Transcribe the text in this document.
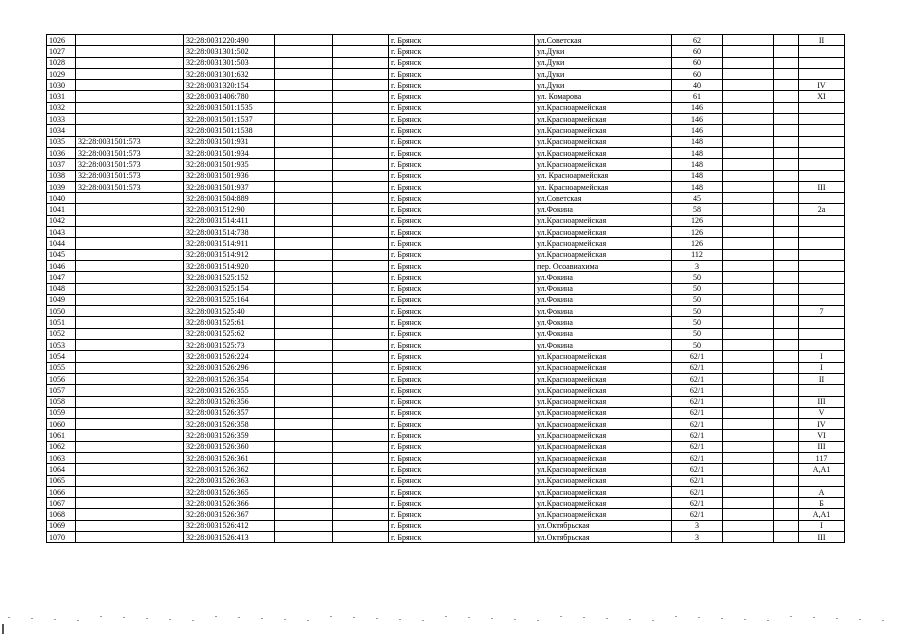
1026		32:28:0031220:490			г. Брянск	ул.Советская	62			II
1027		32:28:0031301:502			г. Брянск	ул.Дуки	60			
1028		32:28:0031301:503			г. Брянск	ул.Дуки	60			
1029		32:28:0031301:632			г. Брянск	ул.Дуки	60			
1030		32:28:0031320:154			г. Брянск	ул.Дуки	40			IV
1031		32:28:0031406:780			г. Брянск	ул. Комарова	61			XI
1032		32:28:0031501:1535			г. Брянск	ул.Красноармейская	146			
1033		32:28:0031501:1537			г. Брянск	ул.Красноармейская	146			
1034		32:28:0031501:1538			г. Брянск	ул.Красноармейская	146			
1035	32:28:0031501:573	32:28:0031501:931			г. Брянск	ул.Красноармейская	148			
1036	32:28:0031501:573	32:28:0031501:934			г. Брянск	ул.Красноармейская	148			
1037	32:28:0031501:573	32:28:0031501:935			г. Брянск	ул.Красноармейская	148			
1038	32:28:0031501:573	32:28:0031501:936			г. Брянск	ул. Красноармейская	148			
1039	32:28:0031501:573	32:28:0031501:937			г. Брянск	ул. Красноармейская	148			III
1040		32:28:0031504:889			г. Брянск	ул.Советская	45			
1041		32:28:0031512:90			г. Брянск	ул.Фокина	58			2а
1042		32:28:0031514:411			г. Брянск	ул.Красноармейская	126			
1043		32:28:0031514:738			г. Брянск	ул.Красноармейская	126			
1044		32:28:0031514:911			г. Брянск	ул.Красноармейская	126			
1045		32:28:0031514:912			г. Брянск	ул.Красноармейская	112			
1046		32:28:0031514:920			г. Брянск	пер. Осоавиахима	3			
1047		32:28:0031525:152			г. Брянск	ул.Фокина	50			
1048		32:28:0031525:154			г. Брянск	ул.Фокина	50			
1049		32:28:0031525:164			г. Брянск	ул.Фокина	50			
1050		32:28:0031525:40			г. Брянск	ул.Фокина	50			7
1051		32:28:0031525:61			г. Брянск	ул.Фокина	50			
1052		32:28:0031525:62			г. Брянск	ул.Фокина	50			
1053		32:28:0031525:73			г. Брянск	ул.Фокина	50			
1054		32:28:0031526:224			г. Брянск	ул.Красноармейская	62/1			I
1055		32:28:0031526:296			г. Брянск	ул.Красноармейская	62/1			I
1056		32:28:0031526:354			г. Брянск	ул.Красноармейская	62/1			II
1057		32:28:0031526:355			г. Брянск	ул.Красноармейская	62/1			
1058		32:28:0031526:356			г. Брянск	ул.Красноармейская	62/1			III
1059		32:28:0031526:357			г. Брянск	ул.Красноармейская	62/1			V
1060		32:28:0031526:358			г. Брянск	ул.Красноармейская	62/1			IV
1061		32:28:0031526:359			г. Брянск	ул.Красноармейская	62/1			VI
1062		32:28:0031526:360			г. Брянск	ул.Красноармейская	62/1			III
1063		32:28:0031526:361			г. Брянск	ул.Красноармейская	62/1			117
1064		32:28:0031526:362			г. Брянск	ул.Красноармейская	62/1			А,А1
1065		32:28:0031526:363			г. Брянск	ул.Красноармейская	62/1			
1066		32:28:0031526:365			г. Брянск	ул.Красноармейская	62/1			А
1067		32:28:0031526:366			г. Брянск	ул.Красноармейская	62/1			Б
1068		32:28:0031526:367			г. Брянск	ул.Красноармейская	62/1			А,А1
1069		32:28:0031526:412			г. Брянск	ул.Октябрьская	3			I
1070		32:28:0031526:413			г. Брянск	ул.Октябрьская	3			III
